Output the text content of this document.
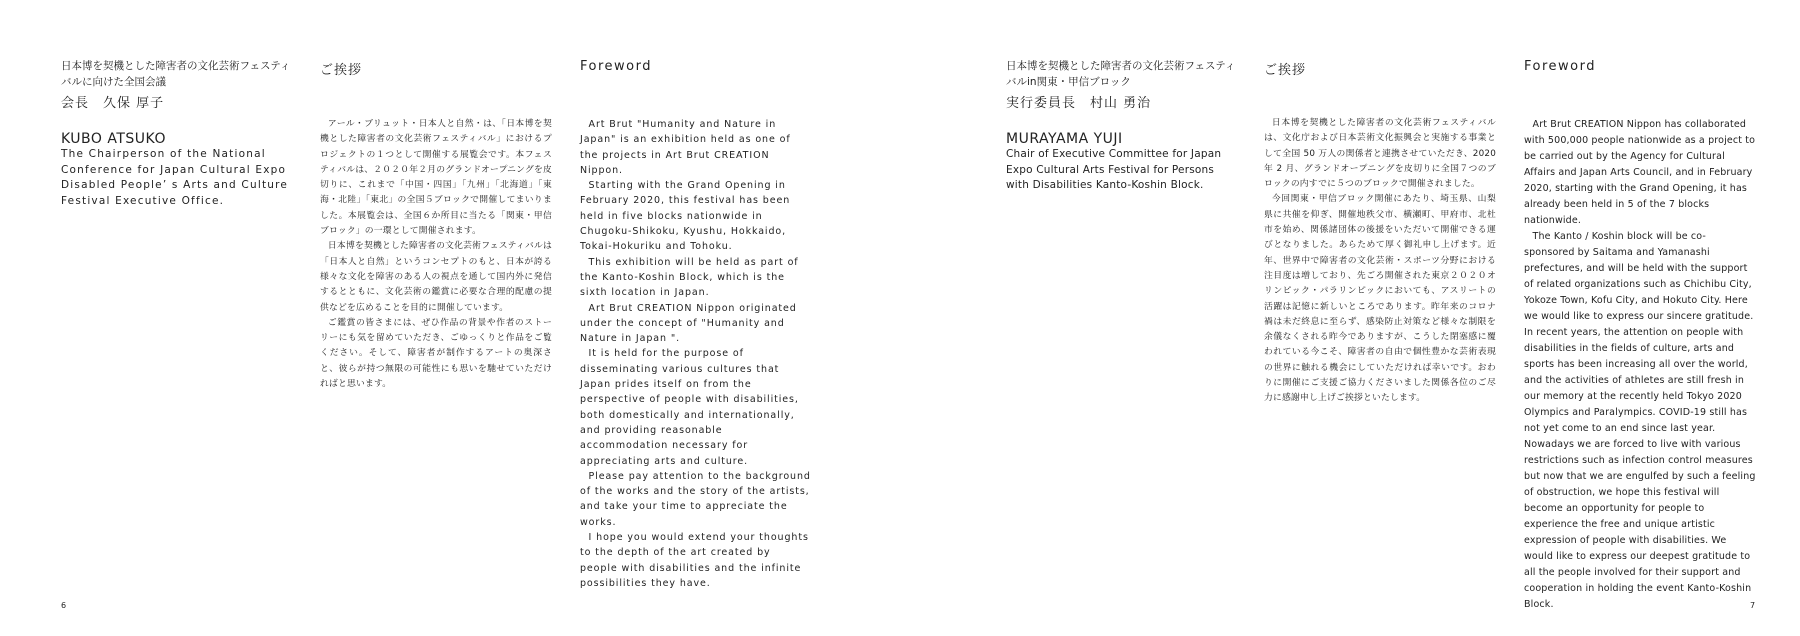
日本博を契機とした障害者の文化芸術フェスティバルに向けた全国会議
会長　久保 厚子
KUBO ATSUKO
The Chairperson of the National Conference for Japan Cultural Expo Disabled People’ s Arts and Culture Festival Executive Office.
ご挨拶

アール・ブリュット・日本人と自然・は、「日本博を契機とした障害者の文化芸術フェスティバル」におけるプロジェクトの１つとして開催する展覧会です。本フェスティバルは、２０２０年２月のグランドオープニングを皮切りに、これまで「中国・四国」「九州」「北海道」「東海・北陸」「東北」の全国５ブロックで開催してまいりました。本展覧会は、全国６か所目に当たる「関東・甲信ブロック」の一環として開催されます。

日本博を契機とした障害者の文化芸術フェスティバルは「日本人と自然」というコンセプトのもと、日本が誇る様々な文化を障害のある人の視点を通して国内外に発信するとともに、文化芸術の鑑賞に必要な合理的配慮の提供などを広めることを目的に開催しています。

ご鑑賞の皆さまには、ぜひ作品の背景や作者のストーリーにも気を留めていただき、ごゆっくりと作品をご覧ください。そして、障害者が制作するアートの奥深さと、彼らが持つ無限の可能性にも思いを馳せていただければと思います。

Foreword

Art Brut "Humanity and Nature in Japan" is an exhibition held as one of the projects in Art Brut CREATION Nippon.

Starting with the Grand Opening in February 2020, this festival has been held in five blocks nationwide in Chugoku-Shikoku, Kyushu, Hokkaido, Tokai-Hokuriku and Tohoku.

This exhibition will be held as part of the Kanto-Koshin Block, which is the sixth location in Japan.

Art Brut CREATION Nippon originated under the concept of "Humanity and Nature in Japan ".

It is held for the purpose of disseminating various cultures that Japan prides itself on from the perspective of people with disabilities, both domestically and internationally, and providing reasonable accommodation necessary for appreciating arts and culture.

Please pay attention to the background of the works and the story of the artists, and take your time to appreciate the works.

I hope you would extend your thoughts to the depth of the art created by people with disabilities and the infinite possibilities they have.

6
日本博を契機とした障害者の文化芸術フェスティバルin関東・甲信ブロック
実行委員長　村山 勇治
MURAYAMA YUJI
Chair of Executive Committee for Japan Expo Cultural Arts Festival for Persons with Disabilities Kanto-Koshin Block.
ご挨拶

日本博を契機とした障害者の文化芸術フェスティバルは、文化庁および日本芸術文化振興会と実施する事業として全国 50 万人の関係者と連携させていただき、2020 年 2 月、グランドオープニングを皮切りに全国７つのブロックの内すでに５つのブロックで開催されました。

今回関東・甲信ブロック開催にあたり、埼玉県、山梨県に共催を仰ぎ、開催地秩父市、横瀬町、甲府市、北杜市を始め、関係諸団体の後援をいただいて開催できる運びとなりました。あらためて厚く御礼申し上げます。近年、世界中で障害者の文化芸術・スポーツ分野における注目度は増しており、先ごろ開催された東京２０２０オリンピック・パラリンピックにおいても、アスリートの活躍は記憶に新しいところであります。昨年来のコロナ禍は未だ終息に至らず、感染防止対策など様々な制限を余儀なくされる昨今でありますが、こうした閉塞感に覆われている今こそ、障害者の自由で個性豊かな芸術表現の世界に触れる機会にしていただければ幸いです。おわりに開催にご支援ご協力くださいました関係各位のご尽力に感謝申し上げご挨拶といたします。

Foreword

Art Brut CREATION Nippon has collaborated with 500,000 people nationwide as a project to be carried out by the Agency for Cultural Affairs and Japan Arts Council, and in February 2020, starting with the Grand Opening, it has already been held in 5 of the 7 blocks nationwide.

The Kanto / Koshin block will be co-sponsored by Saitama and Yamanashi prefectures, and will be held with the support of related organizations such as Chichibu City, Yokoze Town, Kofu City, and Hokuto City. Here we would like to express our sincere gratitude. In recent years, the attention on people with disabilities in the fields of culture, arts and sports has been increasing all over the world, and the activities of athletes are still fresh in our memory at the recently held Tokyo 2020 Olympics and Paralympics. COVID-19 still has not yet come to an end since last year. Nowadays we are forced to live with various restrictions such as infection control measures but now that we are engulfed by such a feeling of obstruction, we hope this festival will become an opportunity for people to experience the free and unique artistic expression of people with disabilities. We would like to express our deepest gratitude to all the people involved for their support and cooperation in holding the event Kanto-Koshin Block.	7
